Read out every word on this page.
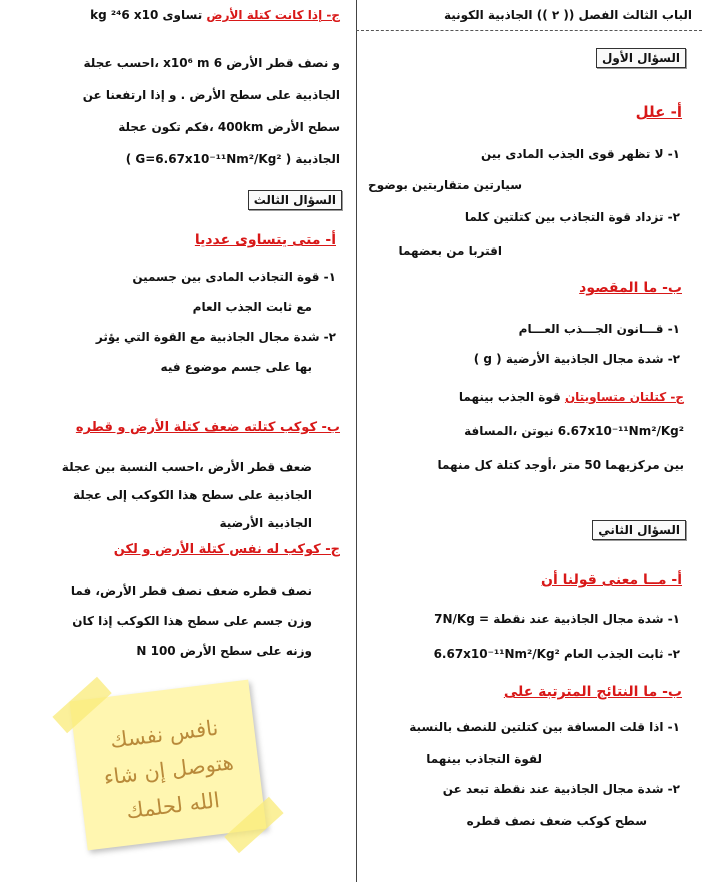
الباب الثالث الفصل (( ٢ )) الجاذبية الكونية
السؤال الأول
أ- علل
١- لا تظهر قوى الجذب المادى بين
سيارتين متقاربتين بوضوح
٢- تزداد قوة التجاذب بين كتلتين كلما
اقتربا من بعضهما
ب- ما المقصود
١- قـــانون الجـــذب العـــام
٢- شدة مجال الجاذبية الأرضية ( g )
ج- كتلتان متساويتان قوة الجذب بينهما
6.67x10⁻¹¹Nm²/Kg² نيوتن ،المسافة
بين مركزيهما 50 متر ،أوجد كتلة كل منهما
السؤال الثاني
أ- مــا معنى قولنا أن
١- شدة مجال الجاذبية عند نقطة = 7N/Kg
٢- ثابت الجذب العام 6.67x10⁻¹¹Nm²/Kg²
ب- ما النتائج المترتبة على
١- اذا قلت المسافة بين كتلتين للنصف بالنسبة
لقوة التجاذب بينهما
٢- شدة مجال الجاذبية عند نقطة تبعد عن
سطح كوكب ضعف نصف قطره
ج- إذا كانت كتلة الأرض تساوى kg ²⁴6 x10
و نصف قطر الأرض 6 x10⁶ m ،احسب عجلة
الجاذبية على سطح الأرض . و إذا ارتفعنا عن
سطح الأرض 400km ،فكم تكون عجلة
الجاذبية ( G=6.67x10⁻¹¹Nm²/Kg² )
السؤال الثالث
أ- متى يتساوى عدديا
١- قوة التجاذب المادى بين جسمين
مع ثابت الجذب العام
٢- شدة مجال الجاذبية مع القوة التي يؤثر
بها على جسم موضوع فيه
ب- كوكب كتلته ضعف كتلة الأرض و قطره
ضعف قطر الأرض ،احسب النسبة بين عجلة
الجاذبية على سطح هذا الكوكب إلى عجلة
الجاذبية الأرضية
ج- كوكب له نفس كتلة الأرض و لكن
نصف قطره ضعف نصف قطر الأرض، فما
وزن جسم على سطح هذا الكوكب إذا كان
وزنه على سطح الأرض N 100
نافس نفسك
هتوصل إن شاء
الله لحلمك
